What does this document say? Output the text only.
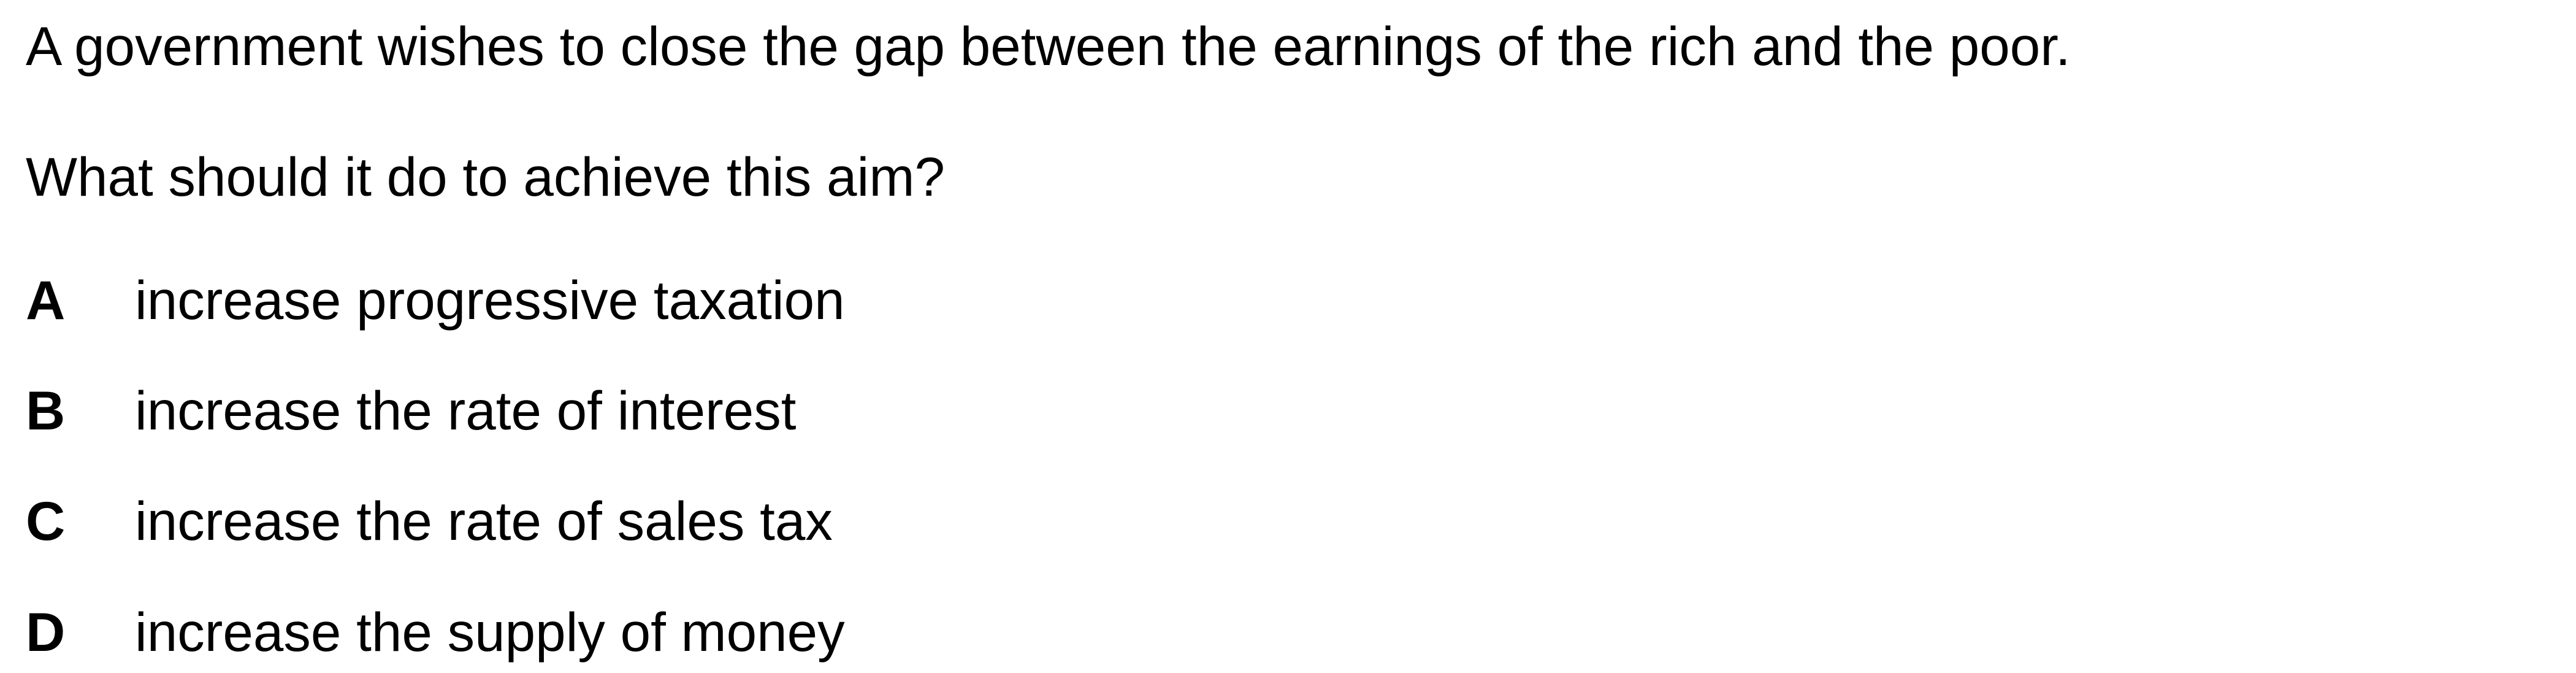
A government wishes to close the gap between the earnings of the rich and the poor.

What should it do to achieve this aim?

A	increase progressive taxation
B	increase the rate of interest
C	increase the rate of sales tax
D	increase the supply of money
